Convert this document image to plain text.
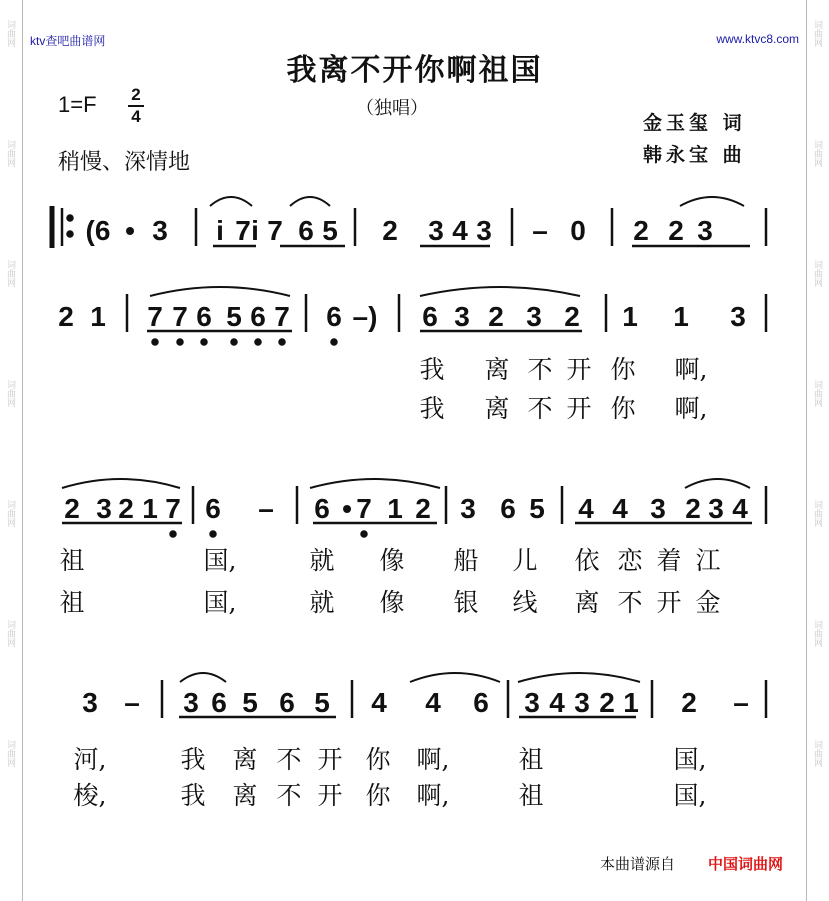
词曲网
词曲网
词曲网
词曲网
词曲网
词曲网
词曲网
词曲网
词曲网
词曲网
词曲网
词曲网
词曲网
词曲网
ktv查吧曲谱网	www.ktvc8.com
我离不开你啊祖国
1=F 2
4	（独唱）
稍慢、深情地
金玉玺 词
韩永宝 曲
(6 • 3 i 7 i 7 6 5 2 3 4 3 – 0 2 2 3
2 1 7 7 6 5 6 7 6 –) 6 3 2 3 2 1 1 3
2 3 2 1 7 6 – 6 • 7 1 2 3 6 5 4 4 3 2 3 4
3 – 3 6 5 6 5 4 4 6 3 4 3 2 1 2 –
我 离 不 开 你 啊,
我 离 不 开 你 啊,
祖	国,	就 像 船 儿 依 恋 着 江
祖	国,	就 像 银 线 离 不 开 金
河,	我 离 不 开 你 啊,	祖	国,
梭,	我 离 不 开 你 啊,	祖	国,
本曲谱源自 中国词曲网
